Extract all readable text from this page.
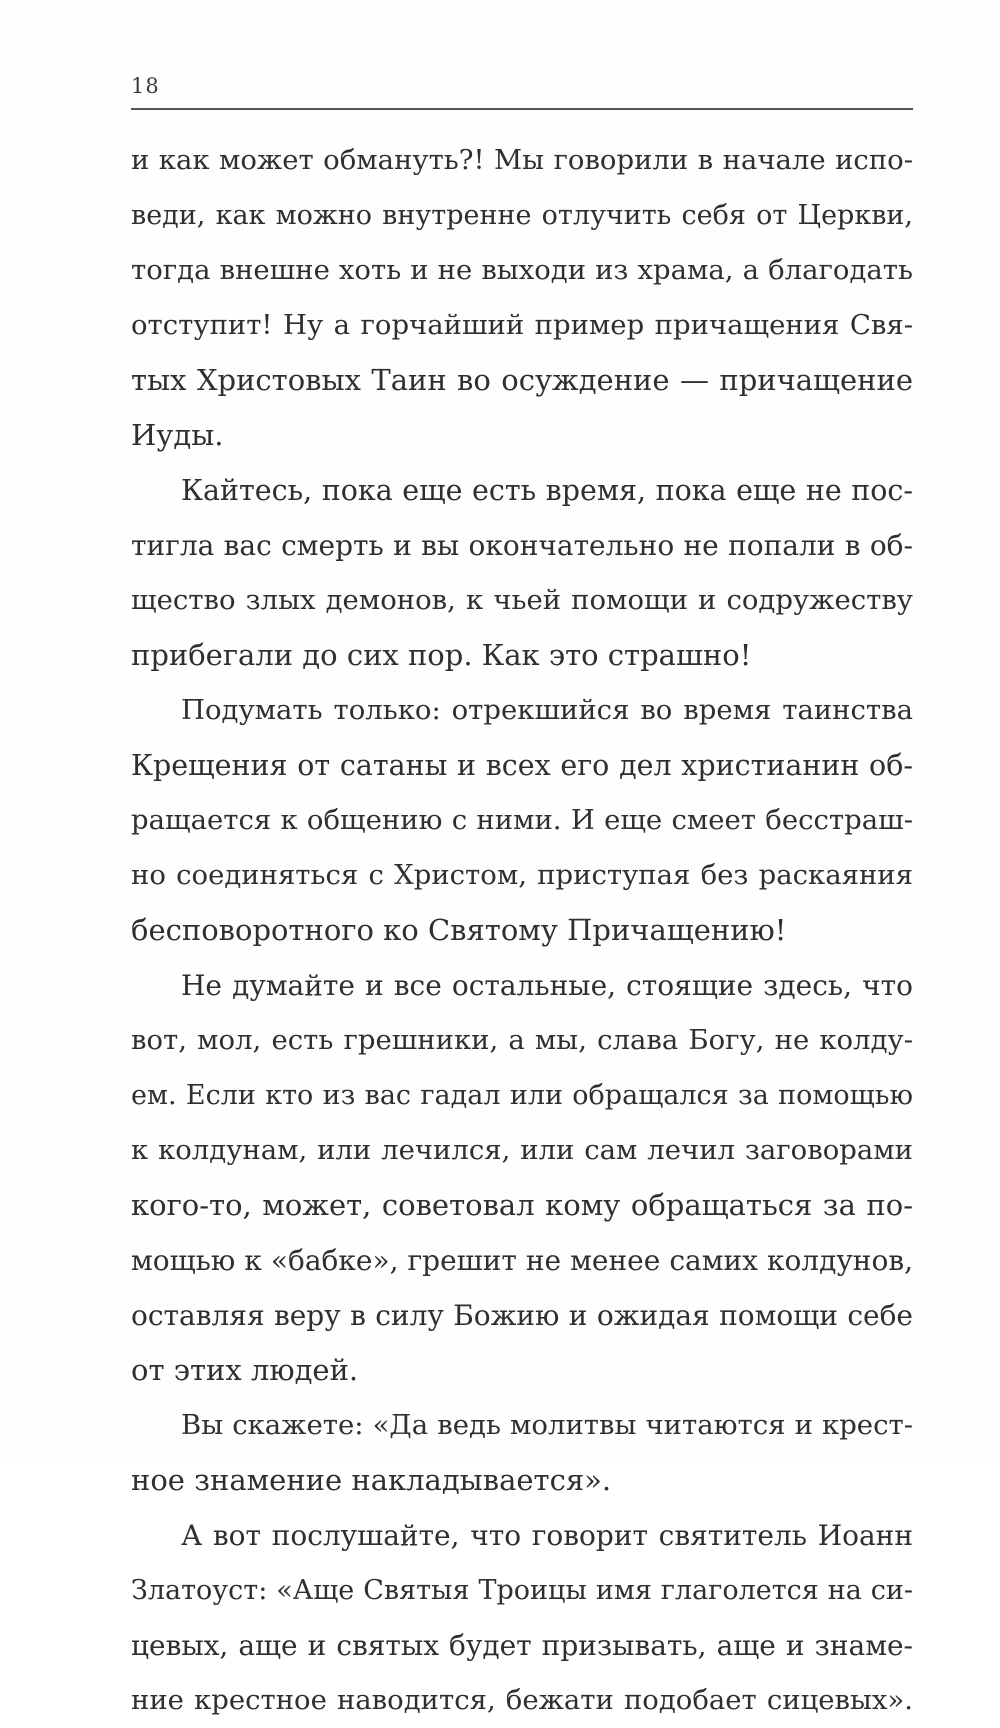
18
и как может обмануть?! Мы говорили в начале испо-
веди, как можно внутренне отлучить себя от Церкви,
тогда внешне хоть и не выходи из храма, а благодать
отступит! Ну а горчайший пример причащения Свя-
тых Христовых Таин во осуждение — причащение
Иуды.
Кайтесь, пока еще есть время, пока еще не пос-
тигла вас смерть и вы окончательно не попали в об-
щество злых демонов, к чьей помощи и содружеству
прибегали до сих пор. Как это страшно!
Подумать только: отрекшийся во время таинства
Крещения от сатаны и всех его дел христианин об-
ращается к общению с ними. И еще смеет бесстраш-
но соединяться с Христом, приступая без раскаяния
бесповоротного ко Святому Причащению!
Не думайте и все остальные, стоящие здесь, что
вот, мол, есть грешники, а мы, слава Богу, не колду-
ем. Если кто из вас гадал или обращался за помощью
к колдунам, или лечился, или сам лечил заговорами
кого-то, может, советовал кому обращаться за по-
мощью к «бабке», грешит не менее самих колдунов,
оставляя веру в силу Божию и ожидая помощи себе
от этих людей.
Вы скажете: «Да ведь молитвы читаются и крест-
ное знамение накладывается».
А вот послушайте, что говорит святитель Иоанн
Златоуст: «Аще Святыя Троицы имя глаголется на си-
цевых, аще и святых будет призывать, аще и знаме-
ние крестное наводится, бежати подобает сицевых».
